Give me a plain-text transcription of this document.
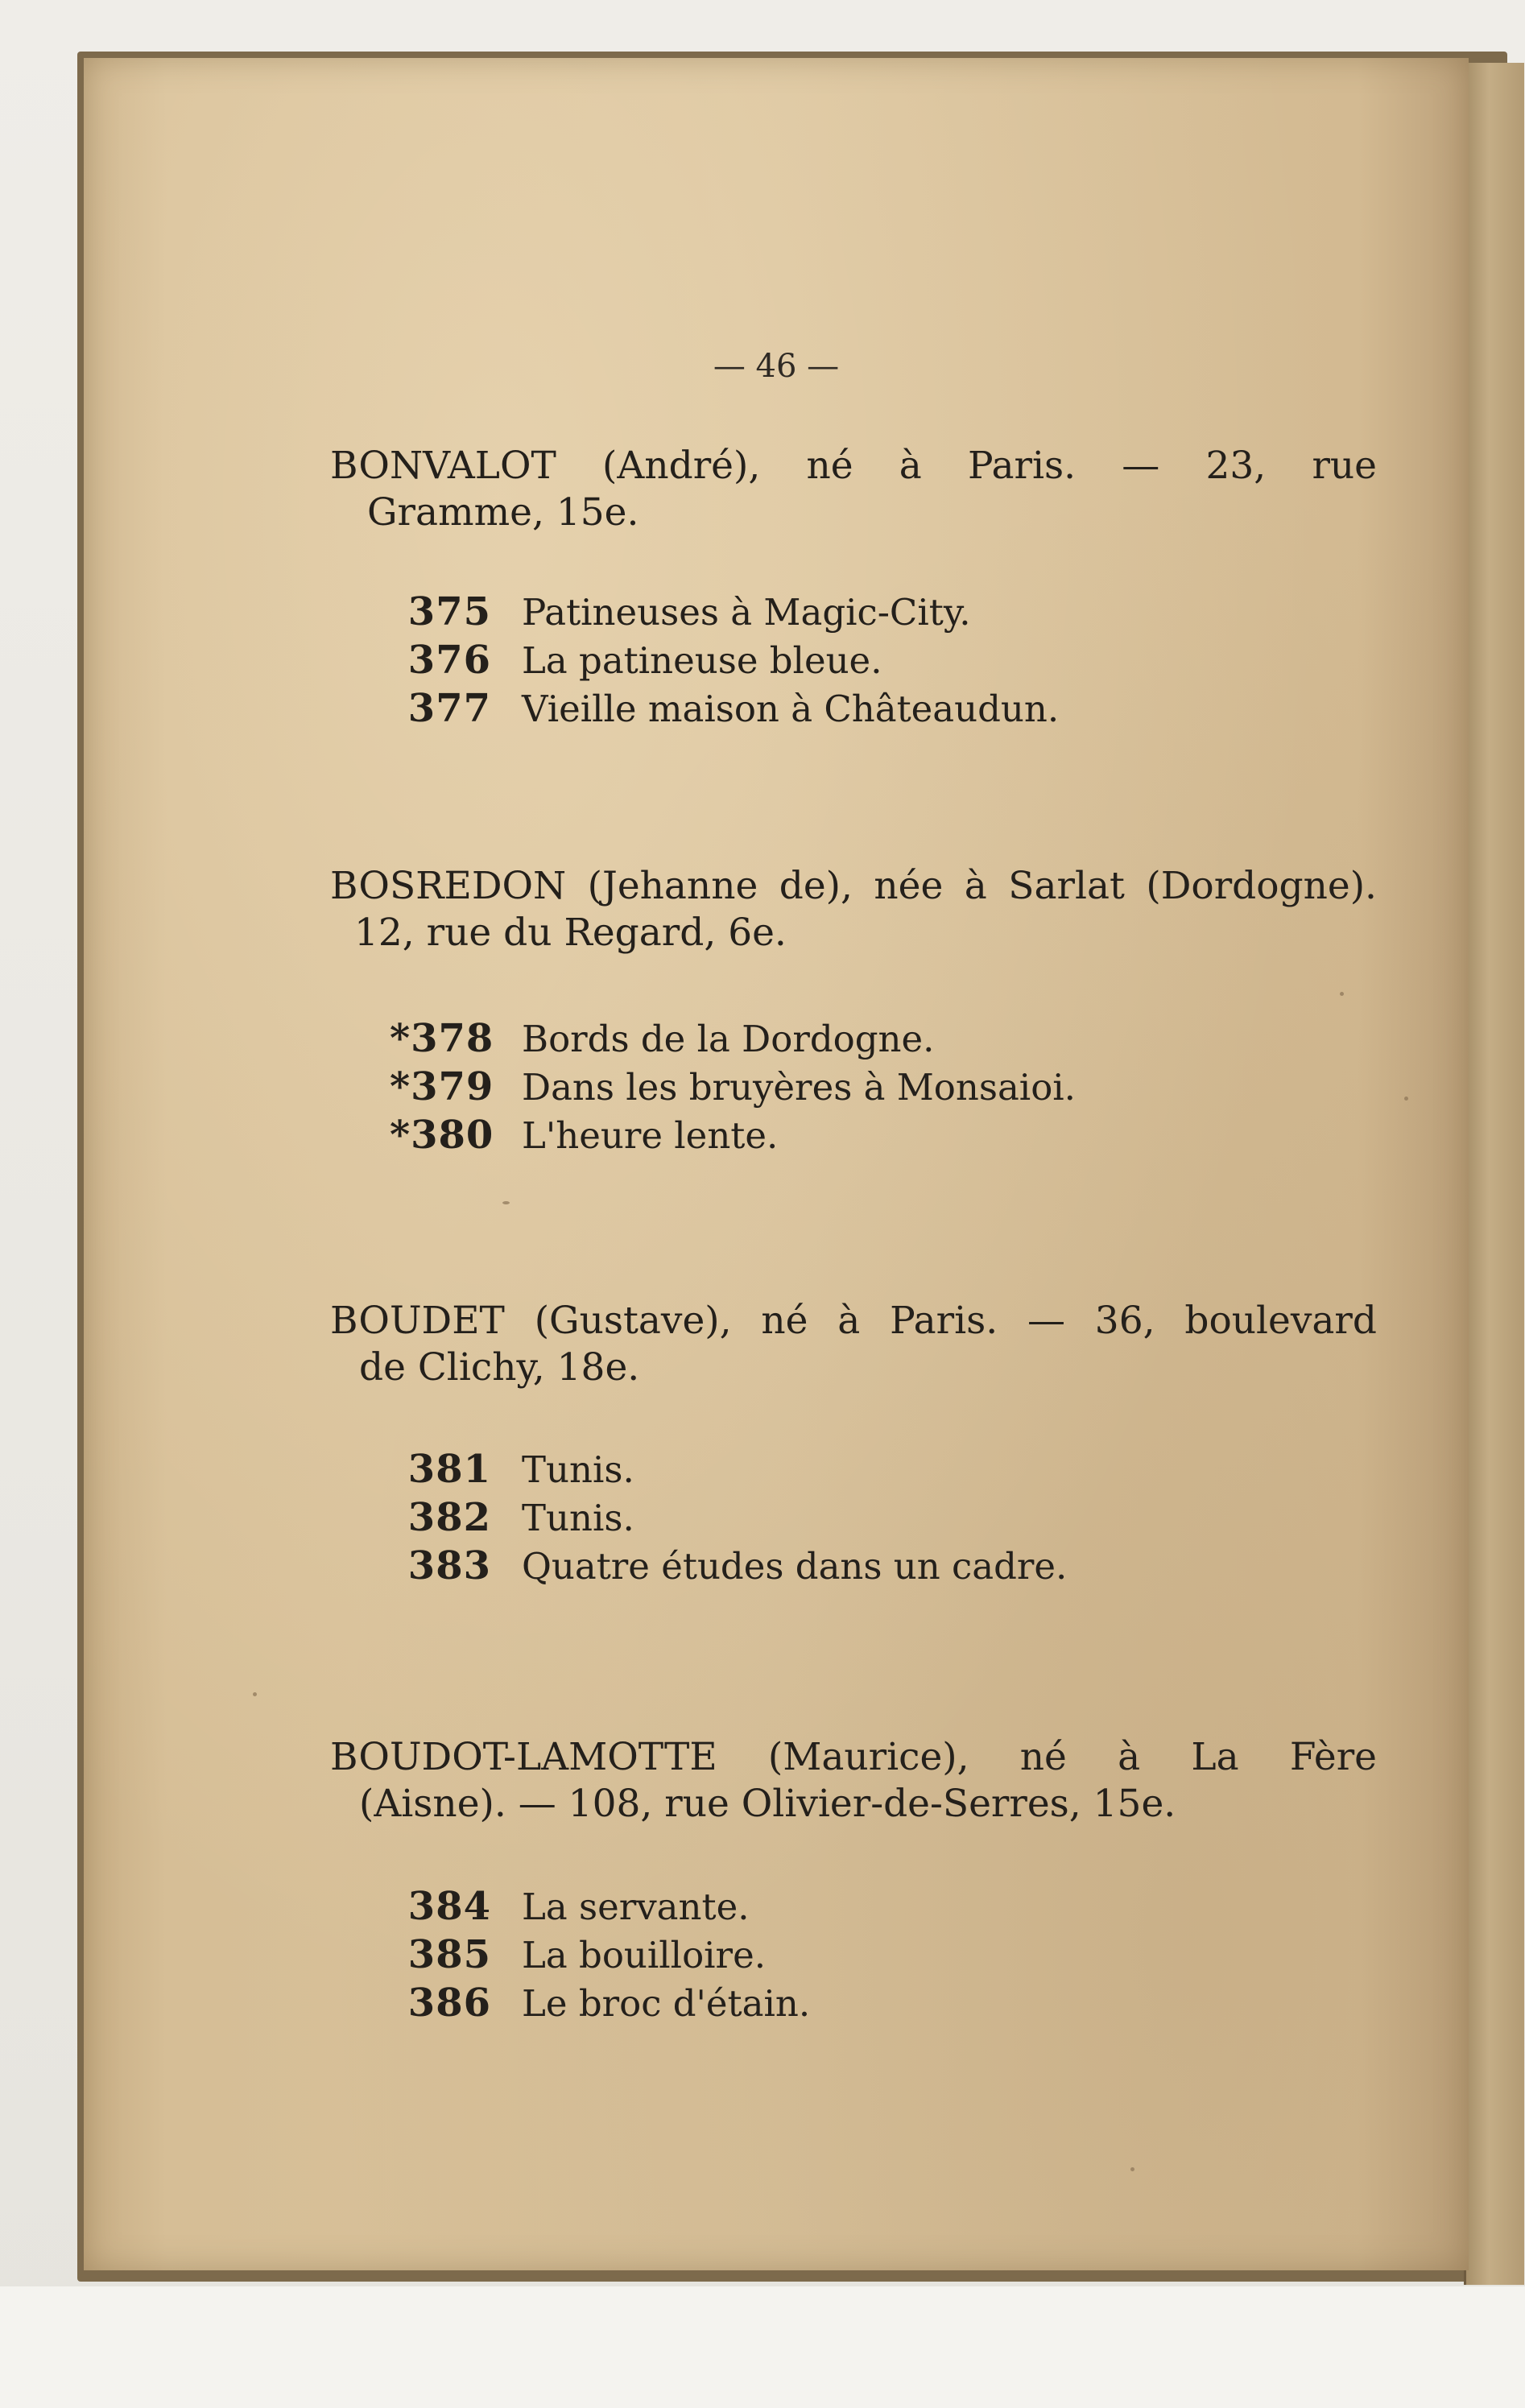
— 46 —
BONVALOT (André), né à Paris. — 23, rue
Gramme, 15e.
375 Patineuses à Magic-City.
376 La patineuse bleue.
377 Vieille maison à Châteaudun.
BOSREDON (Jehanne de), née à Sarlat (Dordogne).
12, rue du Regard, 6e.
*378 Bords de la Dordogne.
*379 Dans les bruyères à Monsaioi.
*380 L'heure lente.
BOUDET (Gustave), né à Paris. — 36, boulevard
de Clichy, 18e.
381 Tunis.
382 Tunis.
383 Quatre études dans un cadre.
BOUDOT-LAMOTTE (Maurice), né à La Fère
(Aisne). — 108, rue Olivier-de-Serres, 15e.
384 La servante.
385 La bouilloire.
386 Le broc d'étain.
